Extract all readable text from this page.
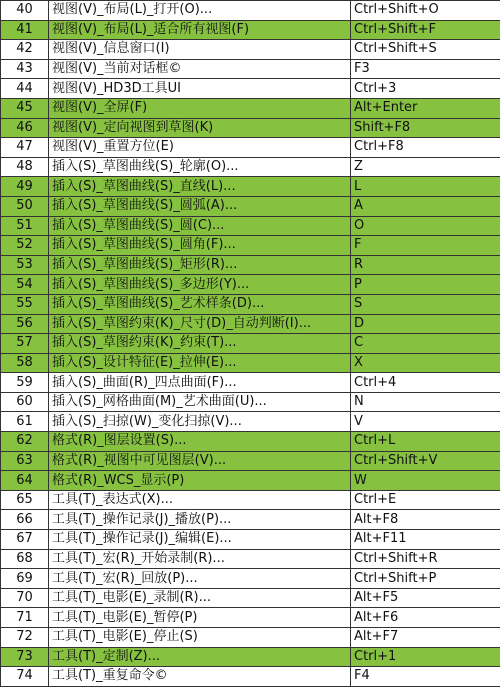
40	视图(V)_布局(L)_打开(O)...	Ctrl+Shift+O
41	视图(V)_布局(L)_适合所有视图(F)	Ctrl+Shift+F
42	视图(V)_信息窗口(I)	Ctrl+Shift+S
43	视图(V)_当前对话框©	F3
44	视图(V)_HD3D工具UI	Ctrl+3
45	视图(V)_全屏(F)	Alt+Enter
46	视图(V)_定向视图到草图(K)	Shift+F8
47	视图(V)_重置方位(E)	Ctrl+F8
48	插入(S)_草图曲线(S)_轮廓(O)...	Z
49	插入(S)_草图曲线(S)_直线(L)...	L
50	插入(S)_草图曲线(S)_圆弧(A)...	A
51	插入(S)_草图曲线(S)_圆(C)...	O
52	插入(S)_草图曲线(S)_圆角(F)...	F
53	插入(S)_草图曲线(S)_矩形(R)...	R
54	插入(S)_草图曲线(S)_多边形(Y)...	P
55	插入(S)_草图曲线(S)_艺术样条(D)...	S
56	插入(S)_草图约束(K)_尺寸(D)_自动判断(I)...	D
57	插入(S)_草图约束(K)_约束(T)...	C
58	插入(S)_设计特征(E)_拉伸(E)...	X
59	插入(S)_曲面(R)_四点曲面(F)...	Ctrl+4
60	插入(S)_网格曲面(M)_艺术曲面(U)...	N
61	插入(S)_扫掠(W)_变化扫掠(V)...	V
62	格式(R)_图层设置(S)...	Ctrl+L
63	格式(R)_视图中可见图层(V)...	Ctrl+Shift+V
64	格式(R)_WCS_显示(P)	W
65	工具(T)_表达式(X)...	Ctrl+E
66	工具(T)_操作记录(J)_播放(P)...	Alt+F8
67	工具(T)_操作记录(J)_编辑(E)...	Alt+F11
68	工具(T)_宏(R)_开始录制(R)...	Ctrl+Shift+R
69	工具(T)_宏(R)_回放(P)...	Ctrl+Shift+P
70	工具(T)_电影(E)_录制(R)...	Alt+F5
71	工具(T)_电影(E)_暂停(P)	Alt+F6
72	工具(T)_电影(E)_停止(S)	Alt+F7
73	工具(T)_定制(Z)...	Ctrl+1
74	工具(T)_重复命令©	F4
